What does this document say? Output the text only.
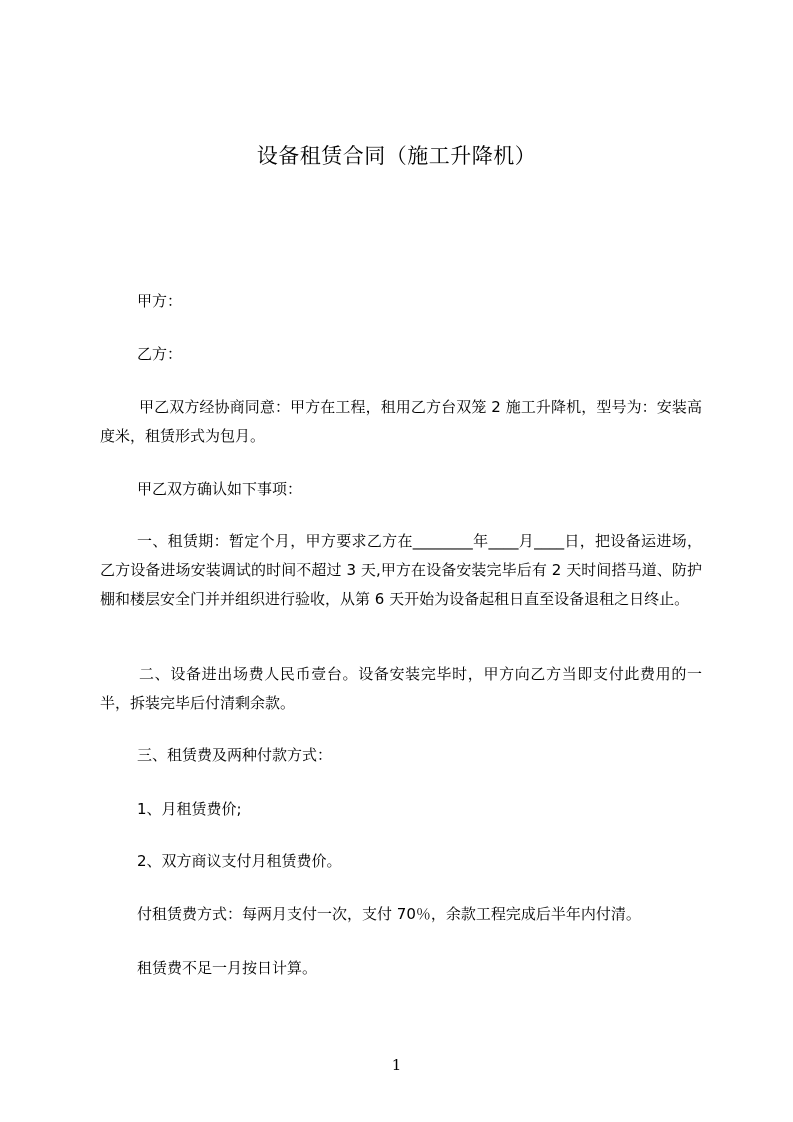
设备租赁合同（施工升降机）

甲方：

乙方：

甲乙双方经协商同意：甲方在工程，租用乙方台双笼 2 施工升降机，型号为：安装高度米，租赁形式为包月。

甲乙双方确认如下事项：

一、租赁期：暂定个月，甲方要求乙方在________年____月____日，把设备运进场，乙方设备进场安装调试的时间不超过 3 天,甲方在设备安装完毕后有 2 天时间搭马道、防护棚和楼层安全门并并组织进行验收，从第 6 天开始为设备起租日直至设备退租之日终止。

二、设备进出场费人民币壹台。设备安装完毕时，甲方向乙方当即支付此费用的一半，拆装完毕后付清剩余款。

三、租赁费及两种付款方式：

1、月租赁费价;

2、双方商议支付月租赁费价。

付租赁费方式：每两月支付一次，支付 70％，余款工程完成后半年内付清。

租赁费不足一月按日计算。

1
